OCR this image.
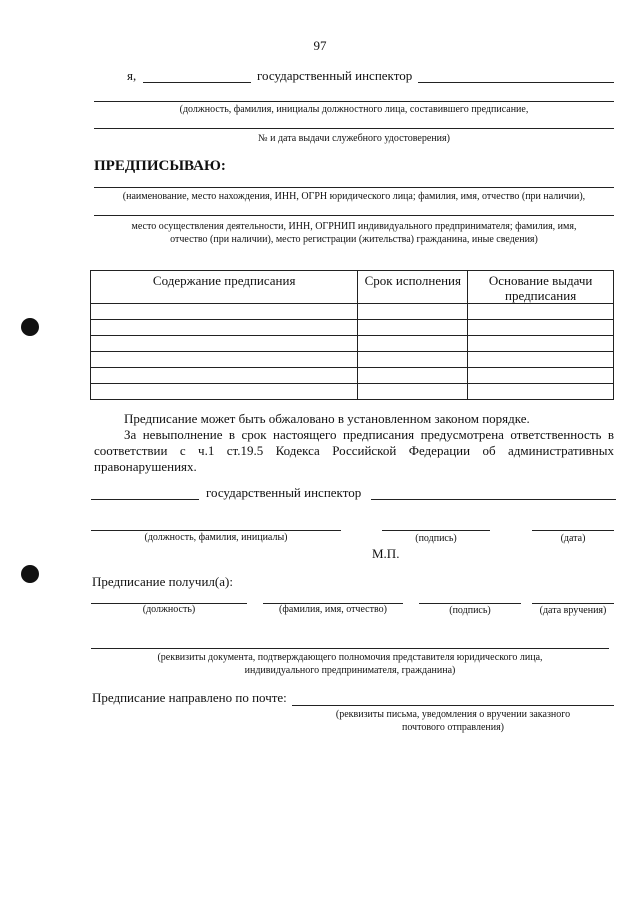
97
я,	государственный инспектор
(должность, фамилия, инициалы должностного лица, составившего предписание,
№ и дата выдачи служебного удостоверения)
ПРЕДПИСЫВАЮ:
(наименование, место нахождения, ИНН, ОГРН юридического лица; фамилия, имя, отчество (при наличии),
место осуществления деятельности, ИНН, ОГРНИП индивидуального предпринимателя; фамилия, имя,
отчество (при наличии), место регистрации (жительства) гражданина, иные сведения)
Содержание предписания	Срок исполнения	Основание выдачи предписания

Предписание может быть обжаловано в установленном законом порядке.
За невыполнение в срок настоящего предписания предусмотрена ответственность в соответствии с ч.1 ст.19.5 Кодекса Российской Федерации об административных правонарушениях.
государственный инспектор
(должность, фамилия, инициалы)	(подпись)	(дата)
М.П.
Предписание получил(а):
(должность)	(фамилия, имя, отчество)	(подпись)	(дата вручения)
(реквизиты документа, подтверждающего полномочия представителя юридического лица,
индивидуального предпринимателя, гражданина)
Предписание направлено по почте:
(реквизиты письма, уведомления о вручении заказного
почтового отправления)
